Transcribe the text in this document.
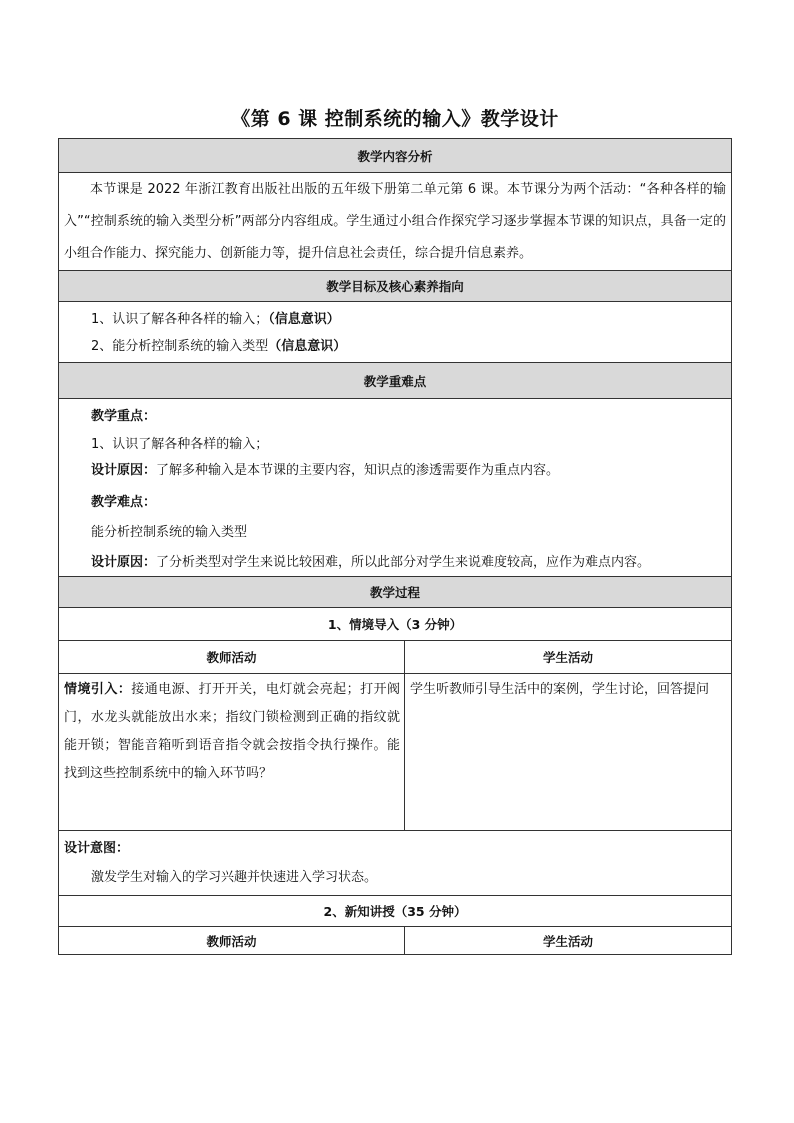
《第 6 课 控制系统的输入》教学设计
教学内容分析
本节课是 2022 年浙江教育出版社出版的五年级下册第二单元第 6 课。本节课分为两个活动：“各种各样的输入”“控制系统的输入类型分析”两部分内容组成。学生通过小组合作探究学习逐步掌握本节课的知识点，具备一定的小组合作能力、探究能力、创新能力等，提升信息社会责任，综合提升信息素养。
教学目标及核心素养指向
1、认识了解各种各样的输入；（信息意识）
2、能分析控制系统的输入类型（信息意识）
教学重难点
教学重点：
1、认识了解各种各样的输入；
设计原因：了解多种输入是本节课的主要内容，知识点的渗透需要作为重点内容。
教学难点：
能分析控制系统的输入类型
设计原因：了分析类型对学生来说比较困难，所以此部分对学生来说难度较高，应作为难点内容。
教学过程
1、情境导入（3 分钟）
教师活动	学生活动
情境引入：接通电源、打开开关，电灯就会亮起；打开阀门，水龙头就能放出水来；指纹门锁检测到正确的指纹就能开锁；智能音箱听到语音指令就会按指令执行操作。能找到这些控制系统中的输入环节吗？
学生听教师引导生活中的案例，学生讨论，回答提问
设计意图：
激发学生对输入的学习兴趣并快速进入学习状态。
2、新知讲授（35 分钟）
教师活动	学生活动
